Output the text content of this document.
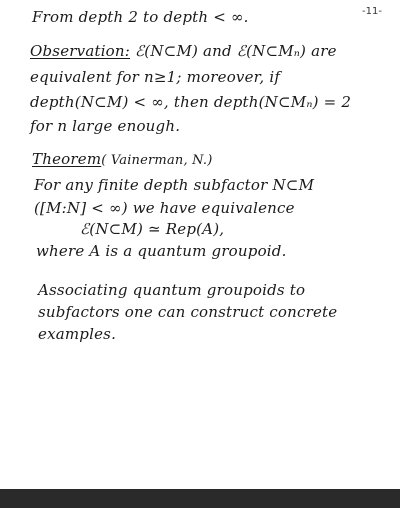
-11-
From depth 2 to depth < ∞.
Observation: ℰ(N⊂M) and ℰ(N⊂Mₙ) are
equivalent for n≥1; moreover, if
depth(N⊂M) < ∞, then depth(N⊂Mₙ) = 2
for n large enough.
Theorem( Vainerman, N.)
For any finite depth subfactor N⊂M
([M:N] < ∞) we have equivalence
ℰ(N⊂M) ≃ Rep(A),
where A is a quantum groupoid.
Associating quantum groupoids to
subfactors one can construct concrete
examples.
